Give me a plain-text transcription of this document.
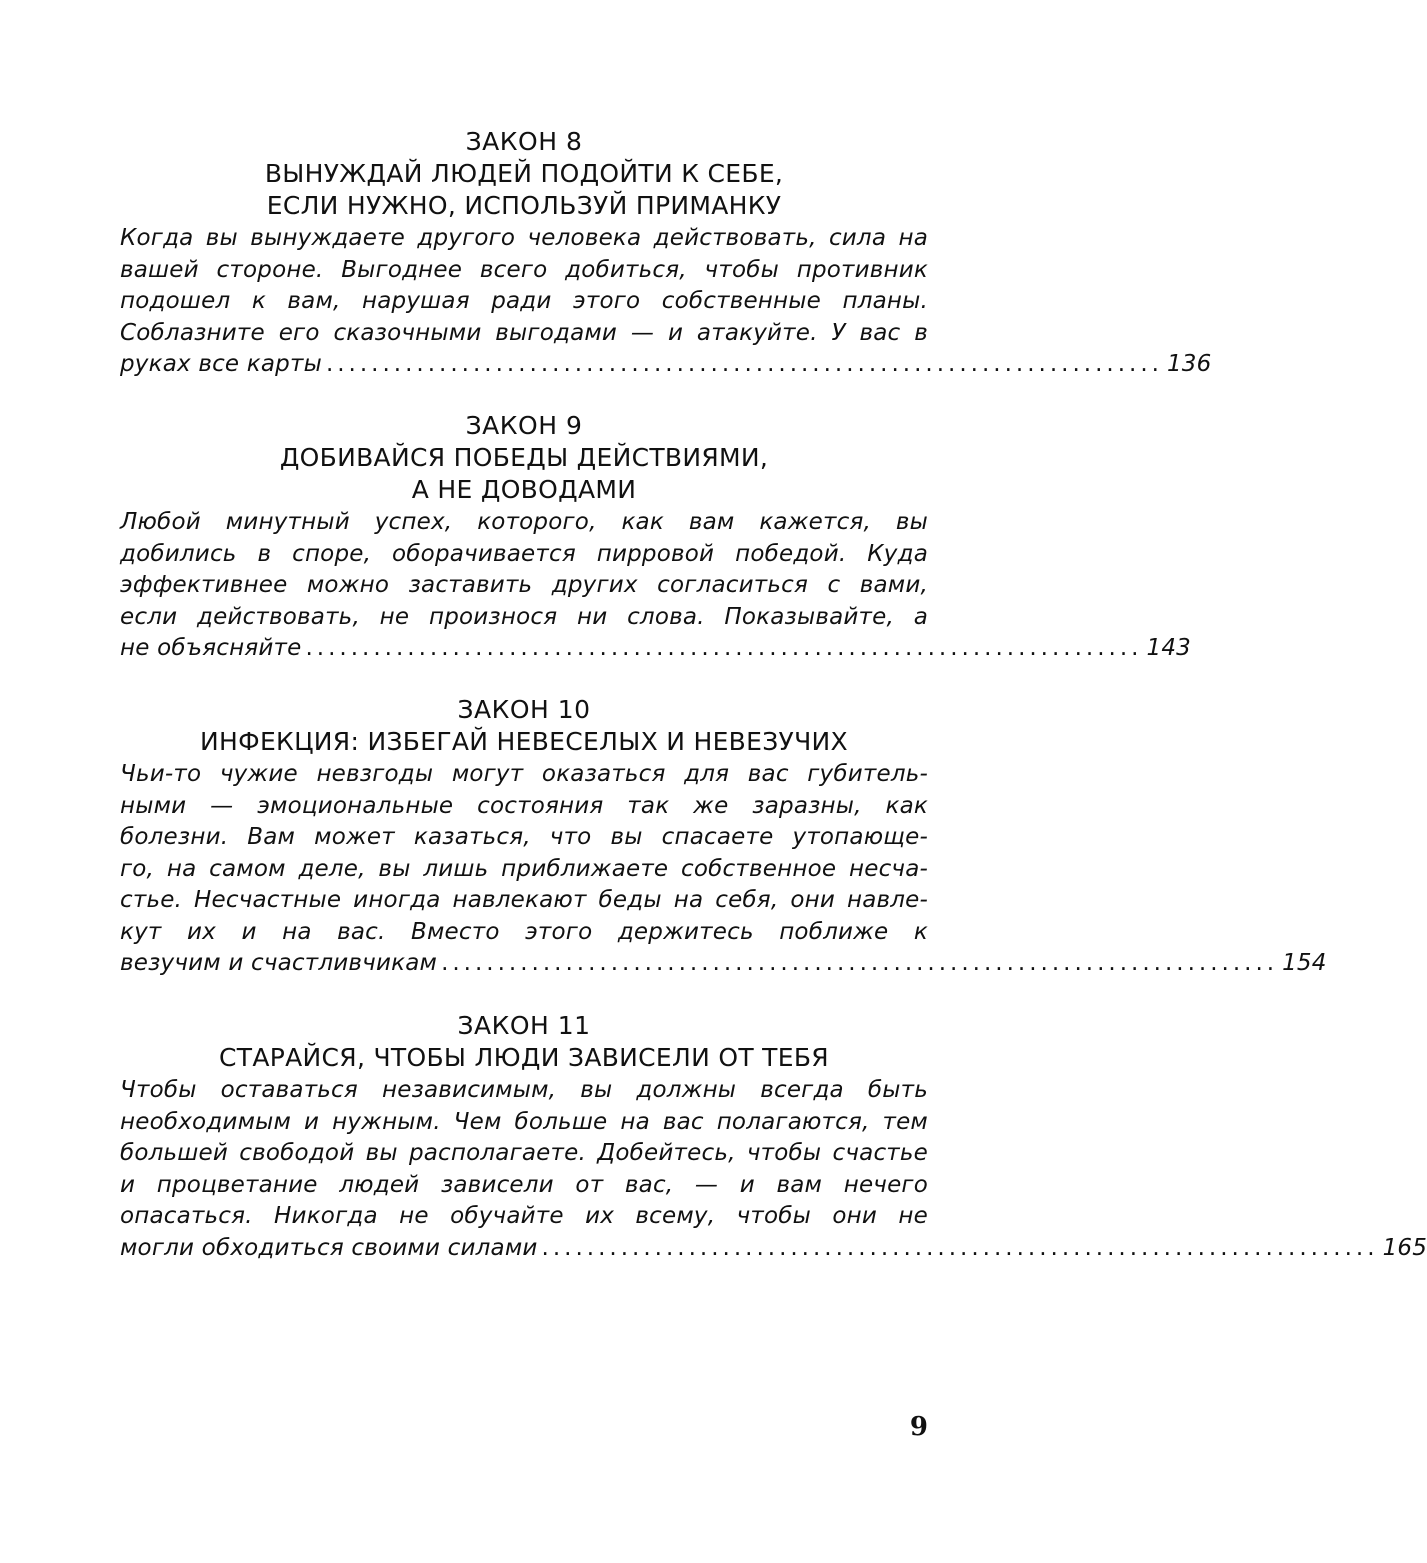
ЗАКОН 8
ВЫНУЖДАЙ ЛЮДЕЙ ПОДОЙТИ К СЕБЕ,
ЕСЛИ НУЖНО, ИСПОЛЬЗУЙ ПРИМАНКУ
Когда вы вынуждаете другого человека действовать, сила на
вашей стороне. Выгоднее всего добиться, чтобы противник
подошел к вам, нарушая ради этого собственные планы.
Соблазните его сказочными выгодами — и атакуйте. У вас в
руках все карты .......................................................................... 136
ЗАКОН 9
ДОБИВАЙСЯ ПОБЕДЫ ДЕЙСТВИЯМИ,
А НЕ ДОВОДАМИ
Любой минутный успех, которого, как вам кажется, вы
добились в споре, оборачивается пирровой победой. Куда
эффективнее можно заставить других согласиться с вами,
если действовать, не произнося ни слова. Показывайте, а
не объясняйте .......................................................................... 143
ЗАКОН 10
ИНФЕКЦИЯ: ИЗБЕГАЙ НЕВЕСЕЛЫХ И НЕВЕЗУЧИХ
Чьи-то чужие невзгоды могут оказаться для вас губитель-
ными — эмоциональные состояния так же заразны, как
болезни. Вам может казаться, что вы спасаете утопающе-
го, на самом деле, вы лишь приближаете собственное несча-
стье. Несчастные иногда навлекают беды на себя, они навле-
кут их и на вас. Вместо этого держитесь поближе к
везучим и счастливчикам .......................................................................... 154
ЗАКОН 11
СТАРАЙСЯ, ЧТОБЫ ЛЮДИ ЗАВИСЕЛИ ОТ ТЕБЯ
Чтобы оставаться независимым, вы должны всегда быть
необходимым и нужным. Чем больше на вас полагаются, тем
большей свободой вы располагаете. Добейтесь, чтобы счастье
и процветание людей зависели от вас, — и вам нечего
опасаться. Никогда не обучайте их всему, чтобы они не
могли обходиться своими силами .......................................................................... 165
9
